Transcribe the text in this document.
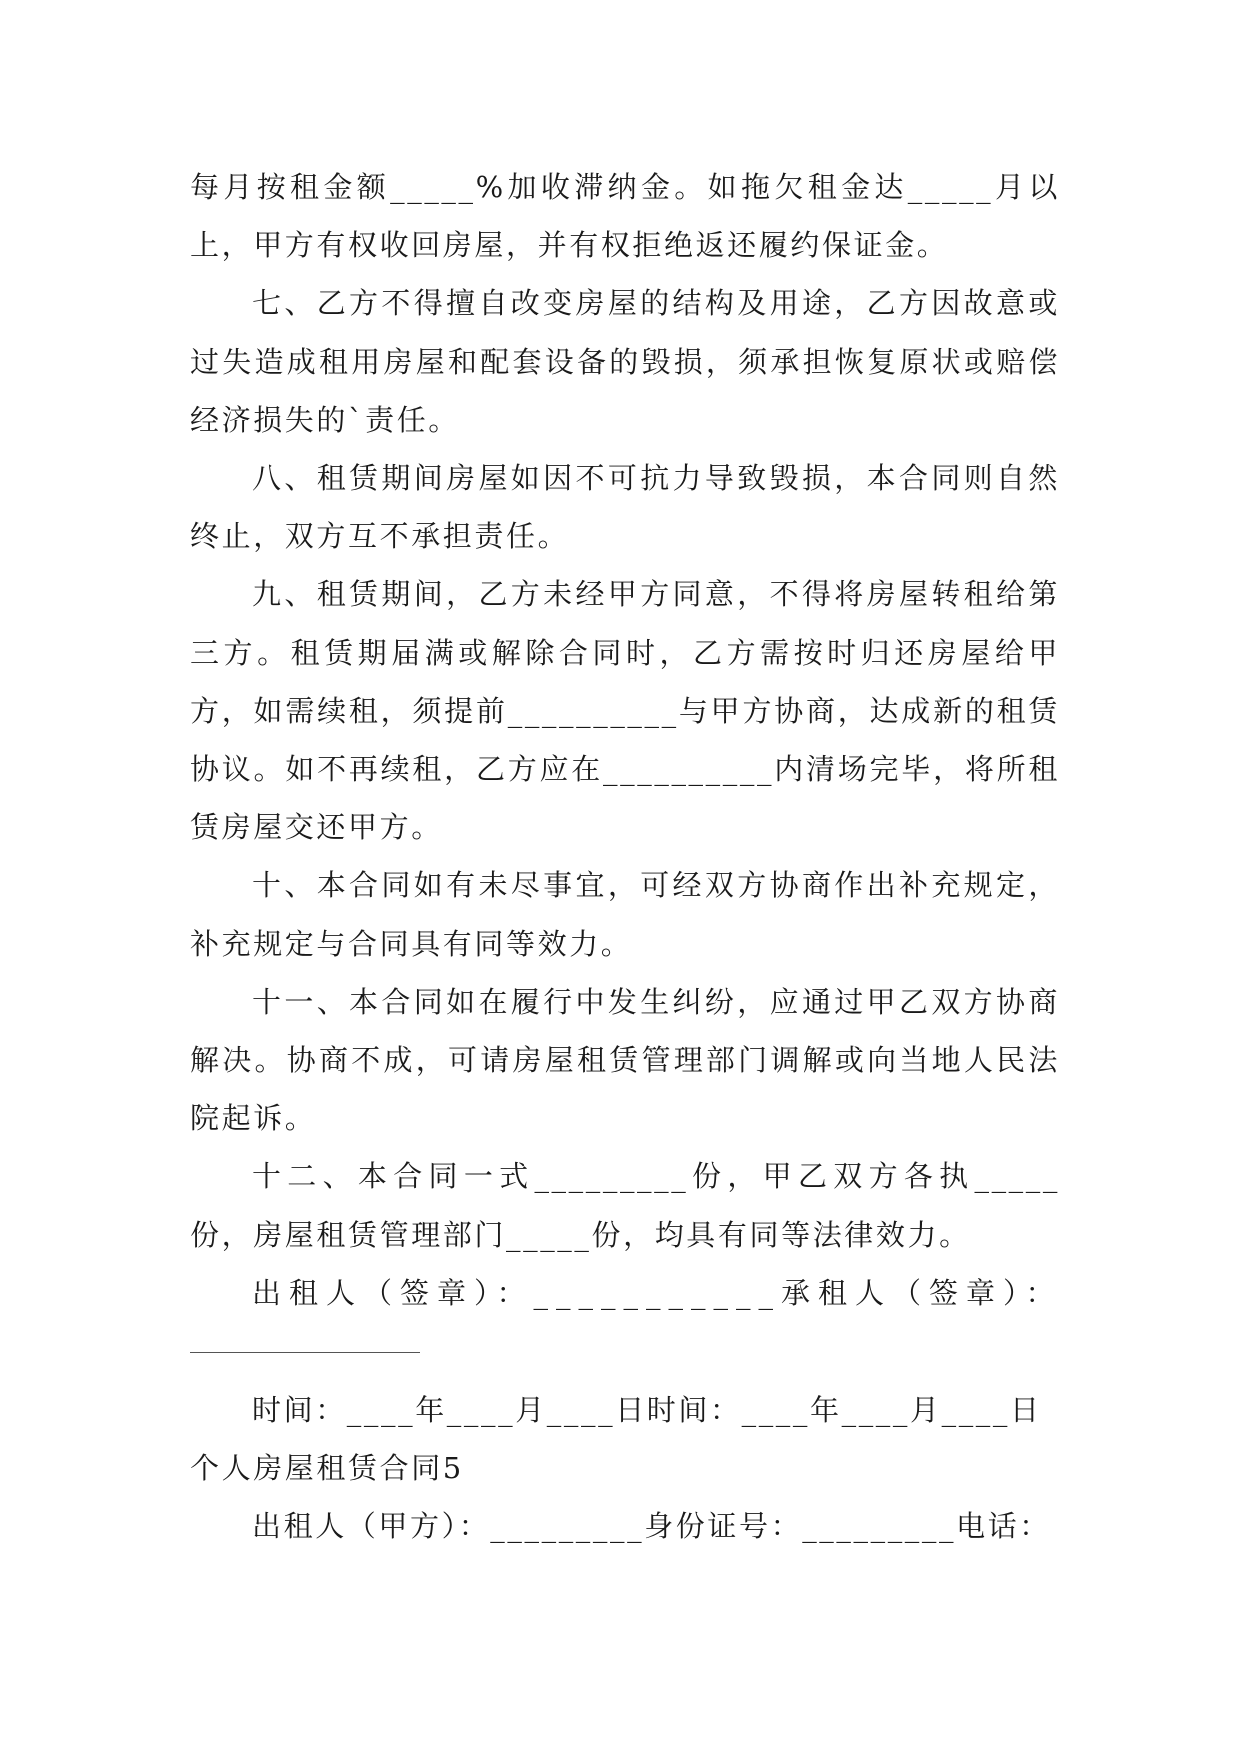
每月按租金额_____%加收滞纳金。如拖欠租金达_____月以上，甲方有权收回房屋，并有权拒绝返还履约保证金。

七、乙方不得擅自改变房屋的结构及用途，乙方因故意或过失造成租用房屋和配套设备的毁损，须承担恢复原状或赔偿经济损失的`责任。

八、租赁期间房屋如因不可抗力导致毁损，本合同则自然终止，双方互不承担责任。

九、租赁期间，乙方未经甲方同意，不得将房屋转租给第三方。租赁期届满或解除合同时，乙方需按时归还房屋给甲方，如需续租，须提前__________与甲方协商，达成新的租赁协议。如不再续租，乙方应在__________内清场完毕，将所租赁房屋交还甲方。

十、本合同如有未尽事宜，可经双方协商作出补充规定，补充规定与合同具有同等效力。

十一、本合同如在履行中发生纠纷，应通过甲乙双方协商解决。协商不成，可请房屋租赁管理部门调解或向当地人民法院起诉。

十二、本合同一式_________份，甲乙双方各执_____份，房屋租赁管理部门_____份，均具有同等法律效力。

出租人（签章）：___________承租人（签章）：

时间：____年____月____日时间：____年____月____日

个人房屋租赁合同5

出租人（甲方）：_________身份证号：_________电话：
